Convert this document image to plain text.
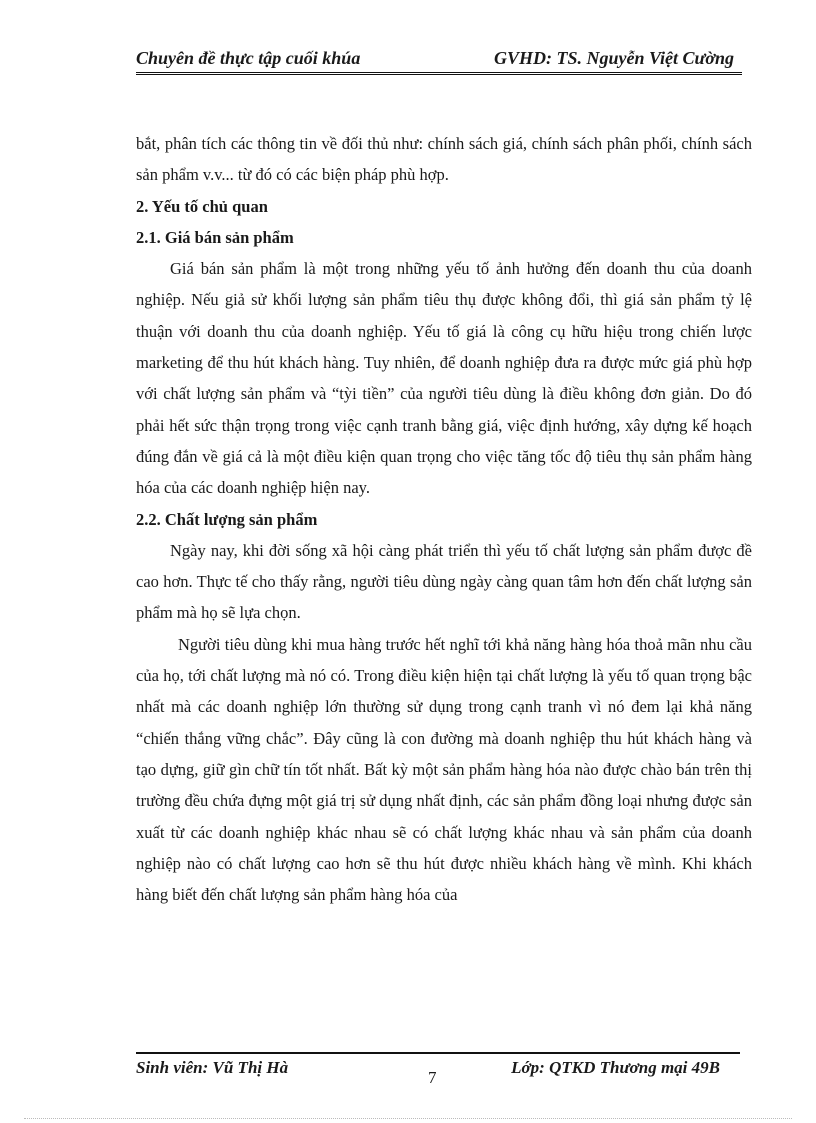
Chuyên đề thực tập cuối khúa	GVHD: TS. Nguyễn Việt Cường

bắt, phân tích các thông tin về đối thủ như: chính sách giá, chính sách phân phối, chính sách sản phẩm v.v... từ đó có các biện pháp phù hợp.

2. Yếu tố chủ quan
2.1. Giá bán sản phẩm

Giá bán sản phẩm là một trong những yếu tố ảnh hưởng đến doanh thu của doanh nghiệp. Nếu giả sử khối lượng sản phẩm tiêu thụ được không đổi, thì giá sản phẩm tỷ lệ thuận với doanh thu của doanh nghiệp. Yếu tố giá là công cụ hữu hiệu trong chiến lược marketing để thu hút khách hàng. Tuy nhiên, để doanh nghiệp đưa ra được mức giá phù hợp với chất lượng sản phẩm và “tỳi tiền” của người tiêu dùng là điều không đơn giản. Do đó phải hết sức thận trọng trong việc cạnh tranh bằng giá, việc định hướng, xây dựng kế hoạch đúng đắn về giá cả là một điều kiện quan trọng cho việc tăng tốc độ tiêu thụ sản phẩm hàng hóa của các doanh nghiệp hiện nay.

2.2. Chất lượng sản phẩm

Ngày nay, khi đời sống xã hội càng phát triển thì yếu tố chất lượng sản phẩm được đề cao hơn. Thực tế cho thấy rằng, người tiêu dùng ngày càng quan tâm hơn đến chất lượng sản phẩm mà họ sẽ lựa chọn.

Người tiêu dùng khi mua hàng trước hết nghĩ tới khả năng hàng hóa thoả mãn nhu cầu của họ, tới chất lượng mà nó có. Trong điều kiện hiện tại chất lượng là yếu tố quan trọng bậc nhất mà các doanh nghiệp lớn thường sử dụng trong cạnh tranh vì nó đem lại khả năng “chiến thắng vững chắc”. Đây cũng là con đường mà doanh nghiệp thu hút khách hàng và tạo dựng, giữ gìn chữ tín tốt nhất. Bất kỳ một sản phẩm hàng hóa nào được chào bán trên thị trường đều chứa đựng một giá trị sử dụng nhất định, các sản phẩm đồng loại nhưng được sản xuất từ các doanh nghiệp khác nhau sẽ có chất lượng khác nhau và sản phẩm của doanh nghiệp nào có chất lượng cao hơn sẽ thu hút được nhiều khách hàng về mình. Khi khách hàng biết đến chất lượng sản phẩm hàng hóa của

Sinh viên: Vũ Thị Hà	Lớp: QTKD Thương mại 49B
7
